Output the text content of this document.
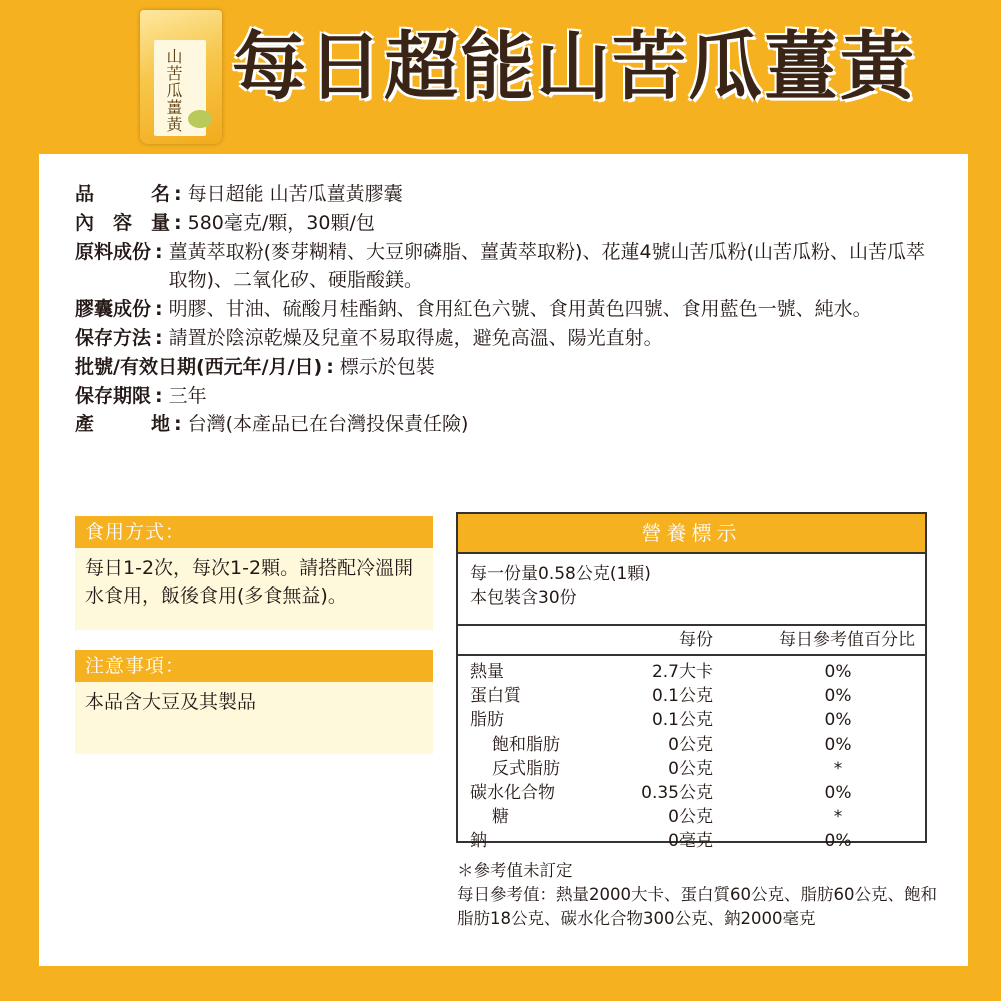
山苦瓜薑黃 每日超能山苦瓜薑黃
品	名 : 每日超能 山苦瓜薑黃膠囊
內 容 量 : 580毫克/顆，30顆/包
原料成份 : 薑黃萃取粉(麥芽糊精、大豆卵磷脂、薑黃萃取粉)、花蓮4號山苦瓜粉(山苦瓜粉、山苦瓜萃取物)、二氧化矽、硬脂酸鎂。
膠囊成份 : 明膠、甘油、硫酸月桂酯鈉、食用紅色六號、食用黃色四號、食用藍色一號、純水。
保存方法 : 請置於陰涼乾燥及兒童不易取得處，避免高溫、陽光直射。
批號/有效日期(西元年/月/日) : 標示於包裝
保存期限 : 三年
產	地 : 台灣(本產品已在台灣投保責任險)
食用方式：
每日1-2次，每次1-2顆。請搭配冷溫開水食用，飯後食用(多食無益)。
注意事項：
本品含大豆及其製品
營養標示
每一份量0.58公克(1顆)
本包裝含30份
每份	每日參考值百分比
熱量	2.7大卡	0%
蛋白質	0.1公克	0%
脂肪	0.1公克	0%
飽和脂肪	0公克	0%
反式脂肪	0公克	*
碳水化合物	0.35公克	0%
糖	0公克	*
鈉	0毫克	0%
＊參考值未訂定
每日參考值：熱量2000大卡、蛋白質60公克、脂肪60公克、飽和脂肪18公克、碳水化合物300公克、鈉2000毫克
